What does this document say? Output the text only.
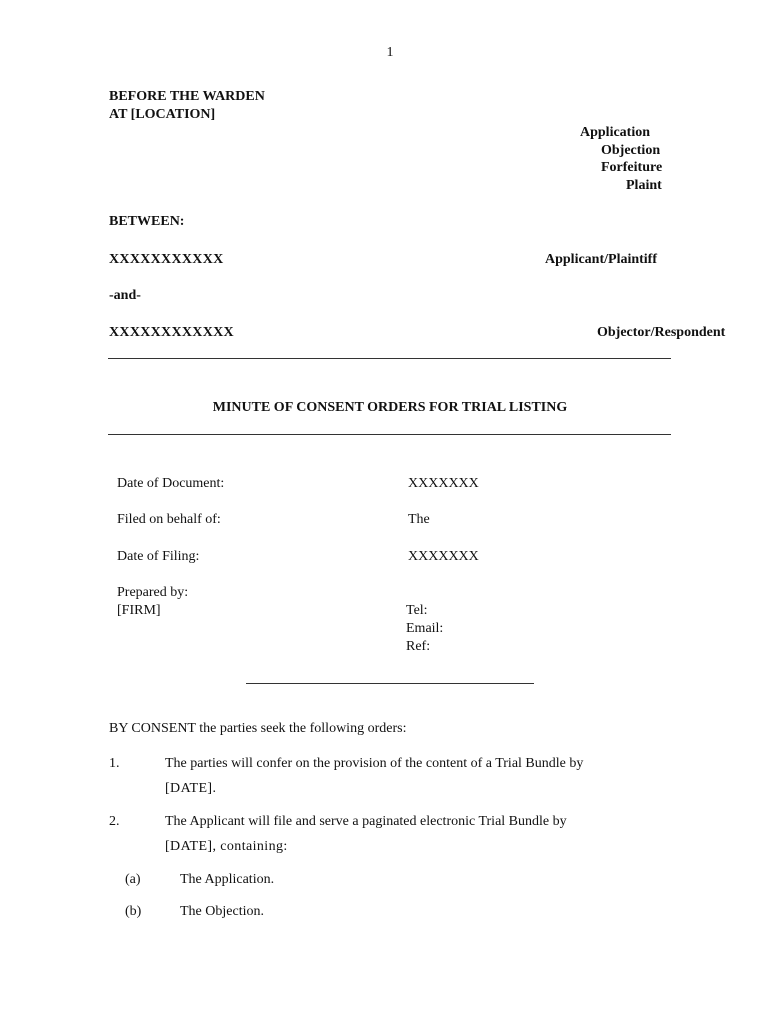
1
BEFORE THE WARDEN
AT [LOCATION]
Application
Objection
Forfeiture
Plaint
BETWEEN:
XXXXXXXXXXX	Applicant/Plaintiff
-and-
XXXXXXXXXXXX	Objector/Respondent
MINUTE OF CONSENT ORDERS FOR TRIAL LISTING
Date of Document:	XXXXXXX
Filed on behalf of:	The
Date of Filing:	XXXXXXX
Prepared by:
[FIRM]	Tel:
Email:
Ref:
BY CONSENT the parties seek the following orders:
1.	The parties will confer on the provision of the content of a Trial Bundle by
[DATE].
2.	The Applicant will file and serve a paginated electronic Trial Bundle by
[DATE], containing:
(a)	The Application.
(b)	The Objection.
